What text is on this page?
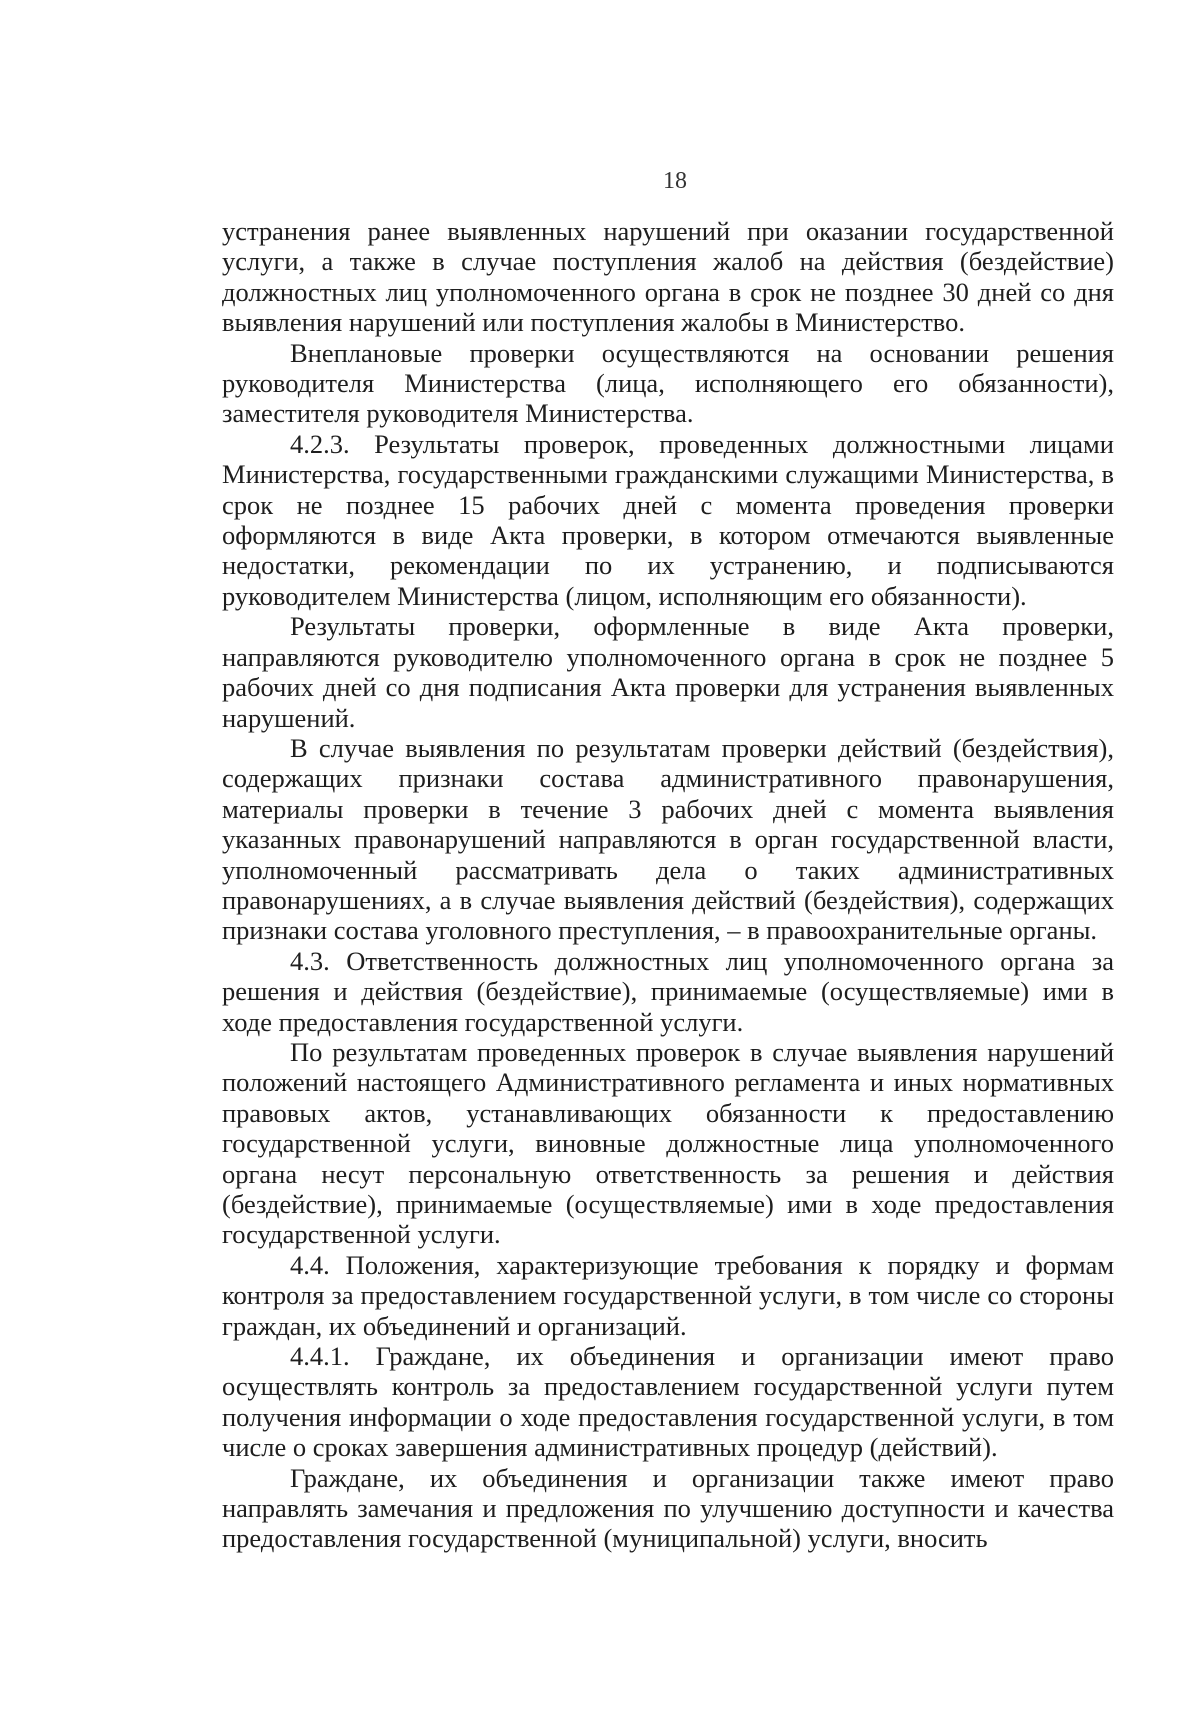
18

устранения ранее выявленных нарушений при оказании государственной услуги, а также в случае поступления жалоб на действия (бездействие) должностных лиц уполномоченного органа в срок не позднее 30 дней со дня выявления нарушений или поступления жалобы в Министерство.

Внеплановые проверки осуществляются на основании решения руководителя Министерства (лица, исполняющего его обязанности), заместителя руководителя Министерства.

4.2.3. Результаты проверок, проведенных должностными лицами Министерства, государственными гражданскими служащими Министерства, в срок не позднее 15 рабочих дней с момента проведения проверки оформляются в виде Акта проверки, в котором отмечаются выявленные недостатки, рекомендации по их устранению, и подписываются руководителем Министерства (лицом, исполняющим его обязанности).

Результаты проверки, оформленные в виде Акта проверки, направляются руководителю уполномоченного органа в срок не позднее 5 рабочих дней со дня подписания Акта проверки для устранения выявленных нарушений.

В случае выявления по результатам проверки действий (бездействия), содержащих признаки состава административного правонарушения, материалы проверки в течение 3 рабочих дней с момента выявления указанных правонарушений направляются в орган государственной власти, уполномоченный рассматривать дела о таких административных правонарушениях, а в случае выявления действий (бездействия), содержащих признаки состава уголовного преступления, – в правоохранительные органы.

4.3. Ответственность должностных лиц уполномоченного органа за решения и действия (бездействие), принимаемые (осуществляемые) ими в ходе предоставления государственной услуги.

По результатам проведенных проверок в случае выявления нарушений положений настоящего Административного регламента и иных нормативных правовых актов, устанавливающих обязанности к предоставлению государственной услуги, виновные должностные лица уполномоченного органа несут персональную ответственность за решения и действия (бездействие), принимаемые (осуществляемые) ими в ходе предоставления государственной услуги.

4.4. Положения, характеризующие требования к порядку и формам контроля за предоставлением государственной услуги, в том числе со стороны граждан, их объединений и организаций.

4.4.1. Граждане, их объединения и организации имеют право осуществлять контроль за предоставлением государственной услуги путем получения информации о ходе предоставления государственной услуги, в том числе о сроках завершения административных процедур (действий).

Граждане, их объединения и организации также имеют право направлять замечания и предложения по улучшению доступности и качества предоставления государственной (муниципальной) услуги, вносить
